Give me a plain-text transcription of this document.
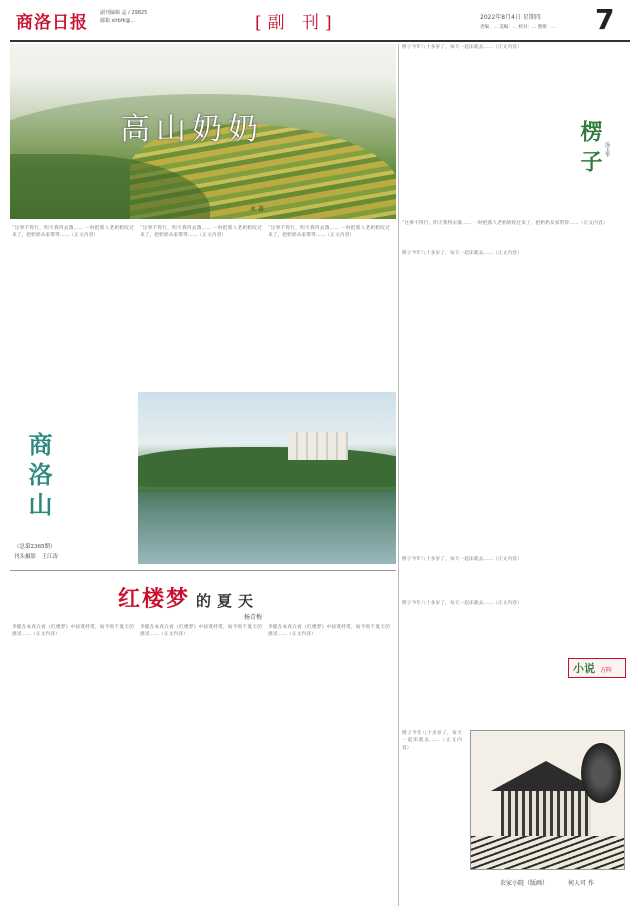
商洛日报 副刊编辑 孟 / 29825
邮箱 slrbfk@...	[副 刊]	2022年8月4日 星期四
责编：... 美编：... 校对：... 照排：... 7
高山奶奶
永 著
“这事不得行，明天我得去饿…… 一时把那人老奶奶咬过来了，把奶奶从家带得……（正文内容）
“这事不得行，明天我得去饿…… 一时把那人老奶奶咬过来了，把奶奶从家带得……（正文内容）
“这事不得行，明天我得去饿…… 一时把那人老奶奶咬过来了，把奶奶从家带得……（正文内容）
“这事不得行，明天我得去饿…… 一时把那人老奶奶咬过来了，把奶奶从家带得……（正文内容）
楞子今年八十多岁了，每天一起床就去……（正文内容）
楞子 汤玉华
楞子今年八十多岁了，每天一起床就去……（正文内容）
楞子今年八十多岁了，每天一起床就去……（正文内容）
商洛山
（总第2365期）
刊头摄影　王江涛
红楼梦 的夏天
杨青梅
李健在本真在看《红楼梦》中寂寞经常，如今进千夏天的感受……（正文内容）
李健在本真在看《红楼梦》中寂寞经常，如今进千夏天的感受……（正文内容）
李健在本真在看《红楼梦》中寂寞经常，如今进千夏天的感受……（正文内容）
小说 方阵
楞子今年八十多岁了，每天一起床就去……（正文内容）
楞子今年八十多岁了，每天一起床就去……（正文内容）
农家小院（版画）	何人可 作
